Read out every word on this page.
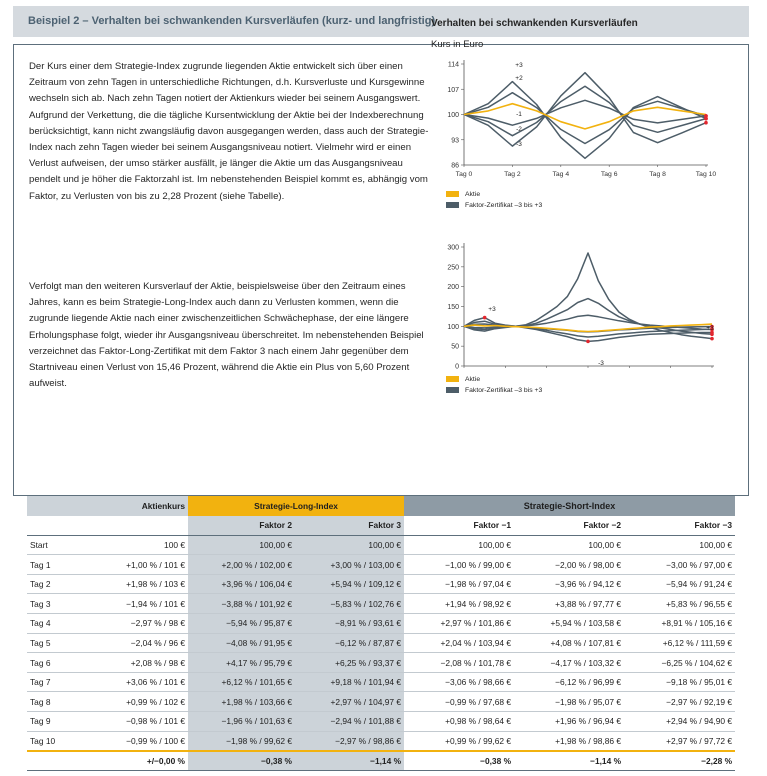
Beispiel 2 – Verhalten bei schwankenden Kursverläufen (kurz- und langfristig)

Der Kurs einer dem Strategie-Index zugrunde liegenden Aktie entwickelt sich über einen Zeitraum von zehn Tagen in unterschiedliche Richtungen, d.h. Kursverluste und Kursgewinne wechseln sich ab. Nach zehn Tagen notiert der Aktienkurs wieder bei seinem Ausgangswert. Aufgrund der Verkettung, die die tägliche Kursentwicklung der Aktie bei der Indexberechnung berücksichtigt, kann nicht zwangsläufig davon ausgegangen werden, dass auch der Strategie-Index nach zehn Tagen wieder bei seinem Ausgangsniveau notiert. Vielmehr wird er einen Verlust aufweisen, der umso stärker ausfällt, je länger die Aktie um das Ausgangsniveau pendelt und je höher die Faktorzahl ist. Im nebenstehenden Beispiel kommt es, abhängig vom Faktor, zu Verlusten von bis zu 2,28 Prozent (siehe Tabelle).

Verfolgt man den weiteren Kursverlauf der Aktie, beispielsweise über den Zeitraum eines Jahres, kann es beim Strategie-Long-Index auch dann zu Verlusten kommen, wenn die zugrunde liegende Aktie nach einer zwischenzeitlichen Schwächephase, der eine längere Erholungsphase folgt, wieder ihr Ausgangsniveau überschreitet. Im nebenstehenden Beispiel verzeichnet das Faktor-Long-Zertifikat mit dem Faktor 3 nach einem Jahr gegenüber dem Startniveau einen Verlust von 15,46 Prozent, während die Aktie ein Plus von 5,60 Prozent aufweist.

Verhalten bei schwankenden Kursverläufen
Kurs in Euro
86
93
100
107
114
Tag 0	Tag 2	Tag 4	Tag 6	Tag 8	Tag 10
+3
+2
-1
-2
-3
Aktie
Faktor-Zertifikat –3 bis +3
0
50
100
150
200
250
300
+3
-3
+3
Aktie
Faktor-Zertifikat –3 bis +3
	Aktienkurs	Strategie-Long-Index		Strategie-Short-Index		
		Faktor 2	Faktor 3	Faktor −1	Faktor −2	Faktor −3
Start	100 €	100,00 €	100,00 €	100,00 €	100,00 €	100,00 €
Tag 1	+1,00 % / 101 €	+2,00 % / 102,00 €	+3,00 % / 103,00 €	−1,00 % / 99,00 €	−2,00 % / 98,00 €	−3,00 % / 97,00 €
Tag 2	+1,98 % / 103 €	+3,96 % / 106,04 €	+5,94 % / 109,12 €	−1,98 % / 97,04 €	−3,96 % / 94,12 €	−5,94 % / 91,24 €
Tag 3	−1,94 % / 101 €	−3,88 % / 101,92 €	−5,83 % / 102,76 €	+1,94 % / 98,92 €	+3,88 % / 97,77 €	+5,83 % / 96,55 €
Tag 4	−2,97 % / 98 €	−5,94 % / 95,87 €	−8,91 % / 93,61 €	+2,97 % / 101,86 €	+5,94 % / 103,58 €	+8,91 % / 105,16 €
Tag 5	−2,04 % / 96 €	−4,08 % / 91,95 €	−6,12 % / 87,87 €	+2,04 % / 103,94 €	+4,08 % / 107,81 €	+6,12 % / 111,59 €
Tag 6	+2,08 % / 98 €	+4,17 % / 95,79 €	+6,25 % / 93,37 €	−2,08 % / 101,78 €	−4,17 % / 103,32 €	−6,25 % / 104,62 €
Tag 7	+3,06 % / 101 €	+6,12 % / 101,65 €	+9,18 % / 101,94 €	−3,06 % / 98,66 €	−6,12 % / 96,99 €	−9,18 % / 95,01 €
Tag 8	+0,99 % / 102 €	+1,98 % / 103,66 €	+2,97 % / 104,97 €	−0,99 % / 97,68 €	−1,98 % / 95,07 €	−2,97 % / 92,19 €
Tag 9	−0,98 % / 101 €	−1,96 % / 101,63 €	−2,94 % / 101,88 €	+0,98 % / 98,64 €	+1,96 % / 96,94 €	+2,94 % / 94,90 €
Tag 10	−0,99 % / 100 €	−1,98 % / 99,62 €	−2,97 % / 98,86 €	+0,99 % / 99,62 €	+1,98 % / 98,86 €	+2,97 % / 97,72 €
	+/−0,00 %	−0,38 %	−1,14 %	−0,38 %	−1,14 %	−2,28 %
